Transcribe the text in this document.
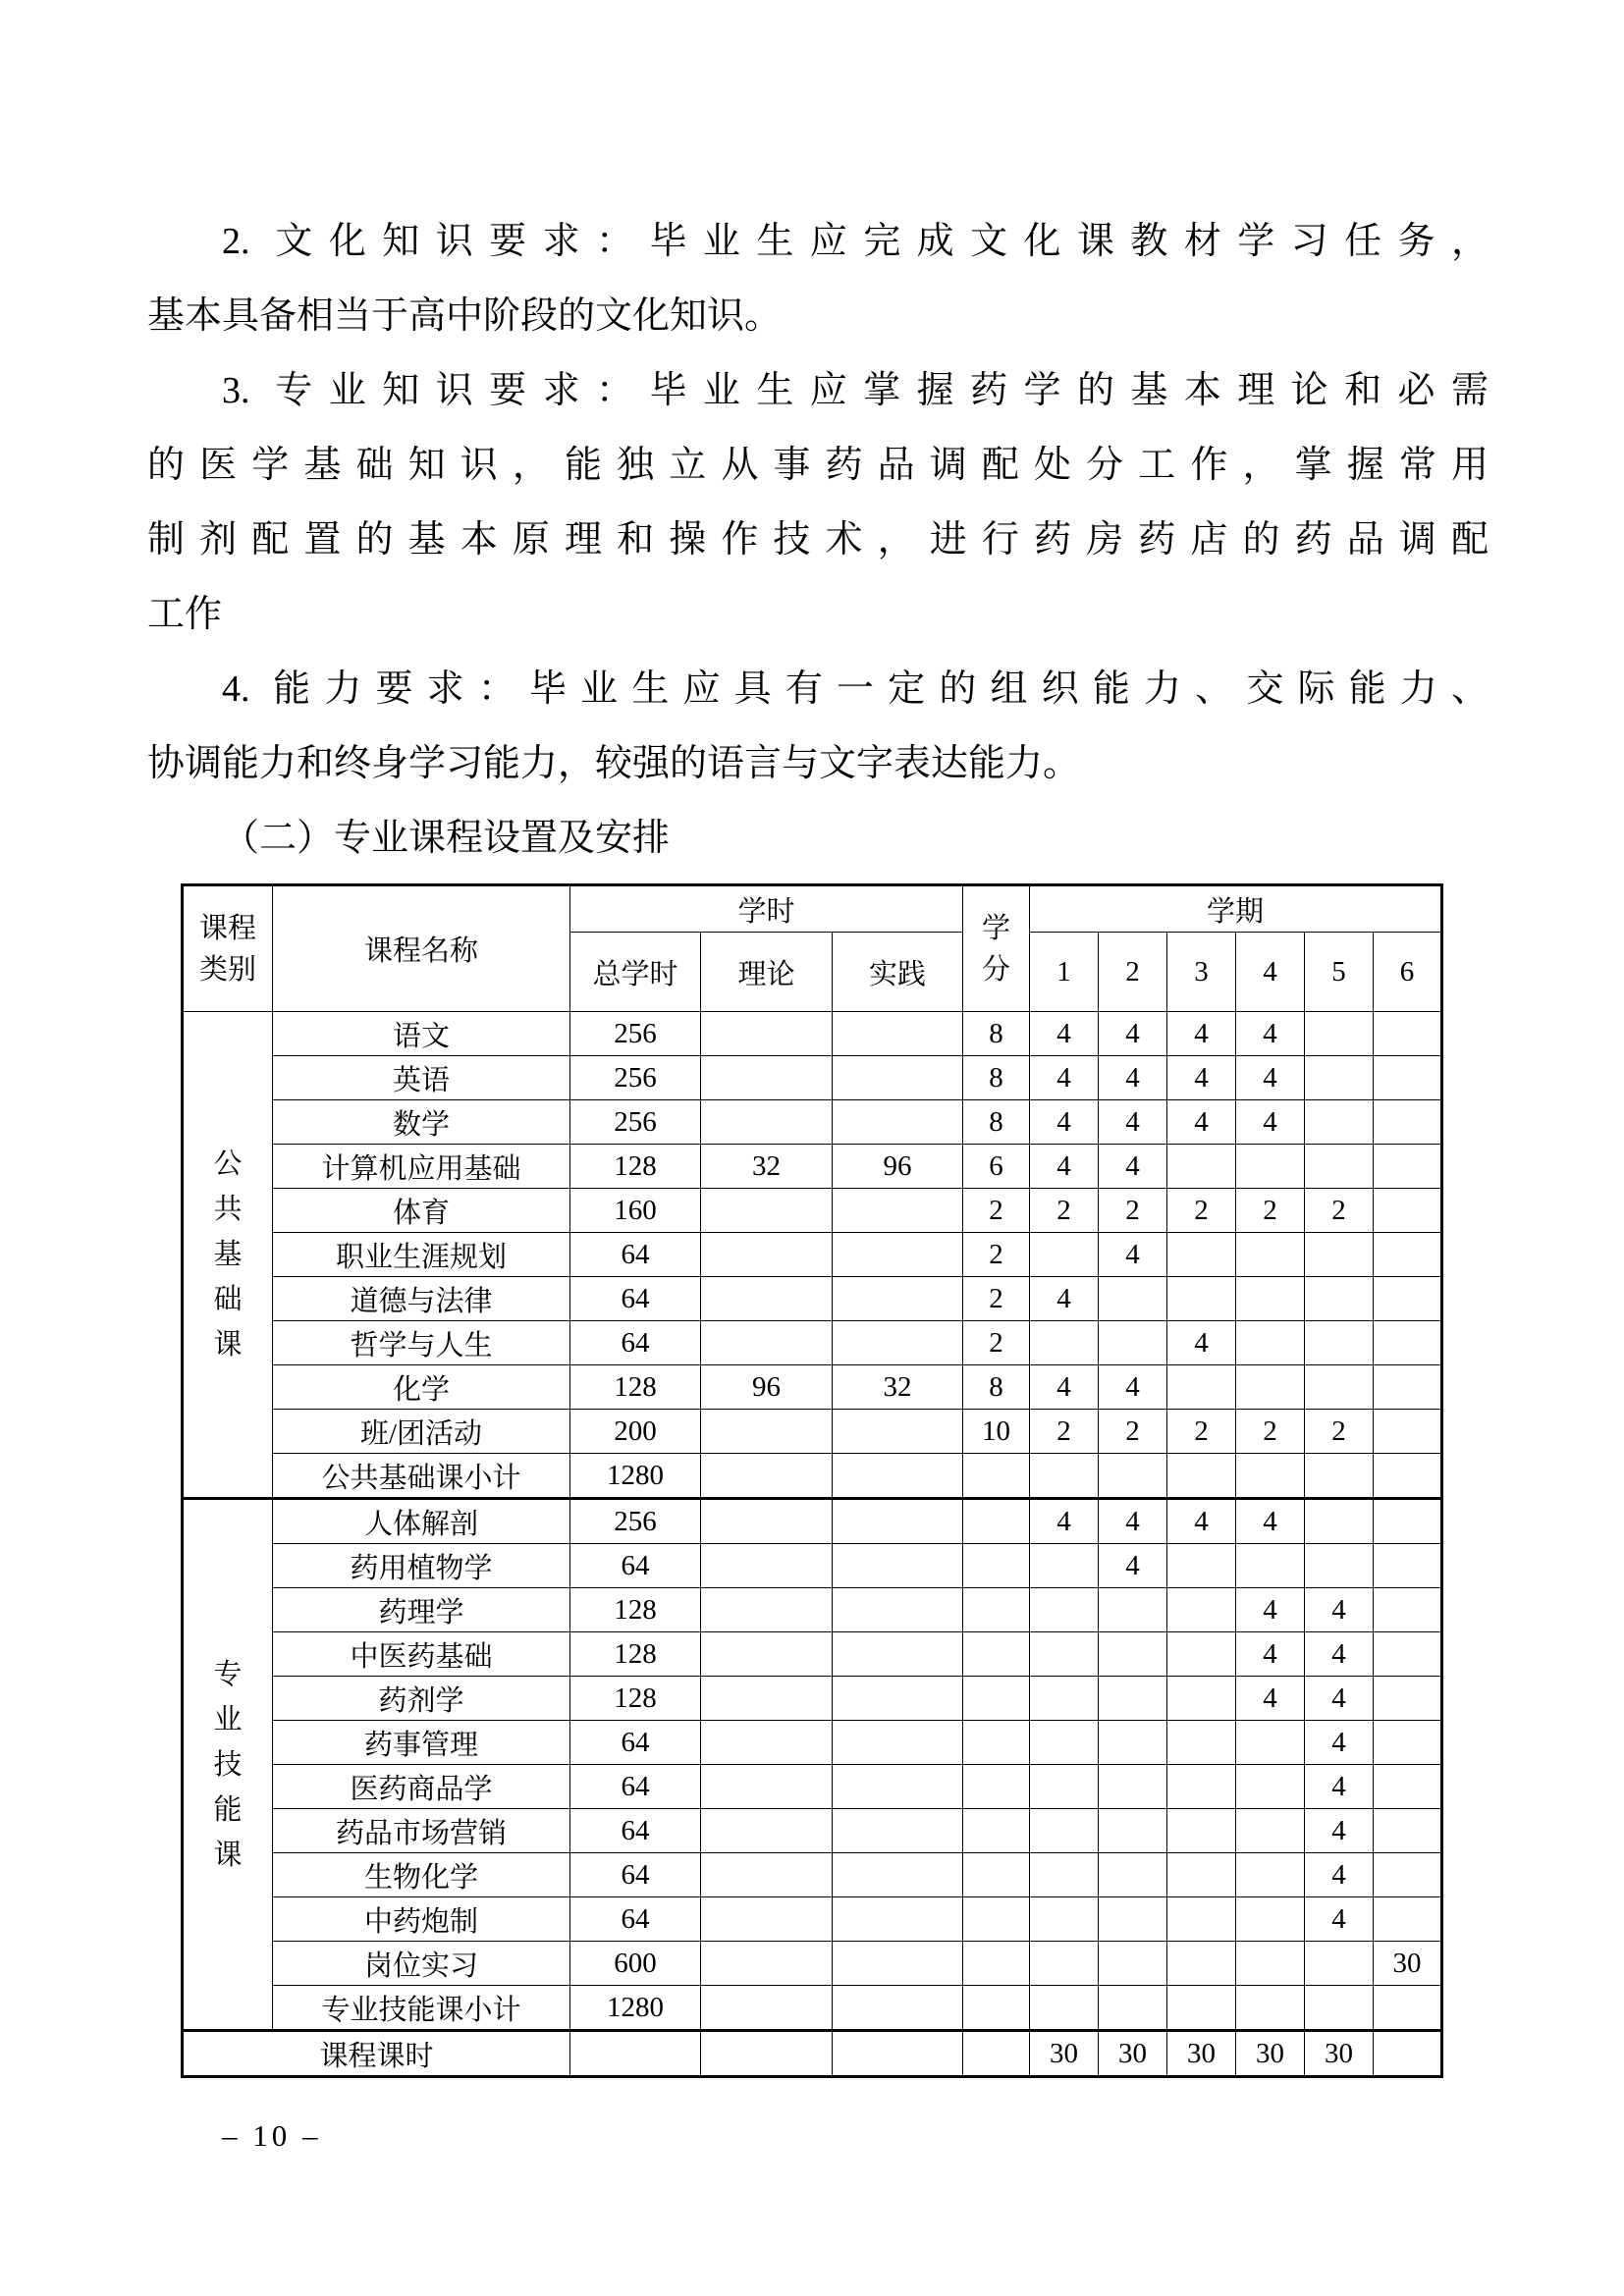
2. 文化知识要求：毕业生应完成文化课教材学习任务，
基本具备相当于高中阶段的文化知识。
3. 专业知识要求：毕业生应掌握药学的基本理论和必需
的医学基础知识，能独立从事药品调配处分工作，掌握常用
制剂配置的基本原理和操作技术，进行药房药店的药品调配
工作
4. 能力要求：毕业生应具有一定的组织能力、交际能力、
协调能力和终身学习能力，较强的语言与文字表达能力。
（二）专业课程设置及安排
课程类别	课程名称	学时			学分	学期					
		总学时	理论	实践		1	2	3	4	5	6

公
共
基
础
课	语文	256			8	4	4	4	4		
	英语	256			8	4	4	4	4		
	数学	256			8	4	4	4	4		
	计算机应用基础	128	32	96	6	4	4				
	体育	160			2	2	2	2	2	2	
	职业生涯规划	64			2		4				
	道德与法律	64			2	4					
	哲学与人生	64			2			4			
	化学	128	96	32	8	4	4				
	班/团活动	200			10	2	2	2	2	2	
	公共基础课小计	1280									

专
业
技
能
课	人体解剖	256				4	4	4	4		
	药用植物学	64					4				
	药理学	128							4	4	
	中医药基础	128							4	4	
	药剂学	128							4	4	
	药事管理	64								4	
	医药商品学	64								4	
	药品市场营销	64								4	
	生物化学	64								4	
	中药炮制	64								4	
	岗位实习	600									30
	专业技能课小计	1280									
课程课时						30	30	30	30	30	
– 10 –
